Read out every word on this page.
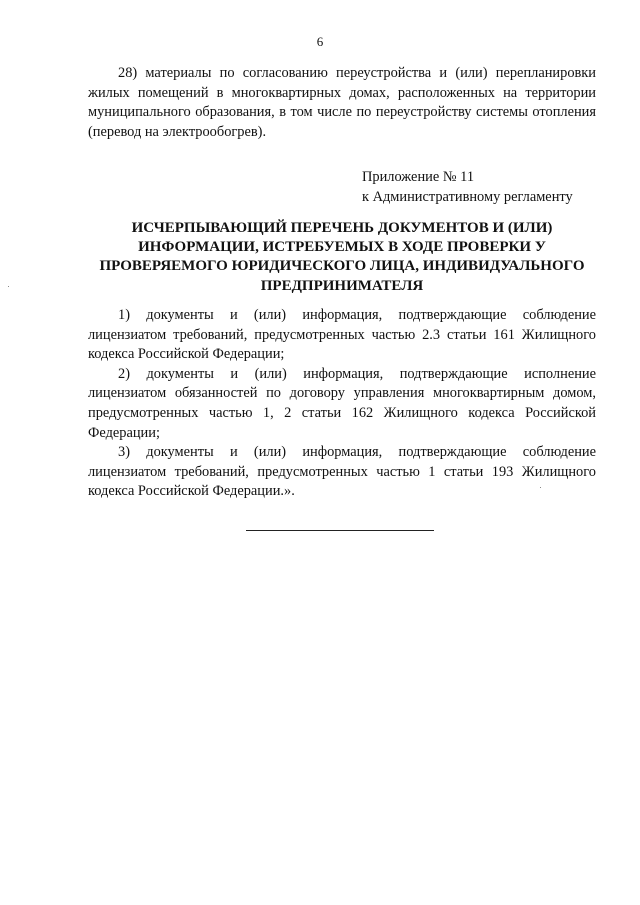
6

28) материалы по согласованию переустройства и (или) перепланировки жилых помещений в многоквартирных домах, расположенных на территории муниципального образования, в том числе по переустройству системы отопления (перевод на электрообогрев).

Приложение № 11
к Административному регламенту
ИСЧЕРПЫВАЮЩИЙ ПЕРЕЧЕНЬ ДОКУМЕНТОВ И (ИЛИ)
ИНФОРМАЦИИ, ИСТРЕБУЕМЫХ В ХОДЕ ПРОВЕРКИ У
ПРОВЕРЯЕМОГО ЮРИДИЧЕСКОГО ЛИЦА, ИНДИВИДУАЛЬНОГО
ПРЕДПРИНИМАТЕЛЯ

1) документы и (или) информация, подтверждающие соблюдение лицензиатом требований, предусмотренных частью 2.3 статьи 161 Жилищного кодекса Российской Федерации;

2) документы и (или) информация, подтверждающие исполнение лицензиатом обязанностей по договору управления многоквартирным домом, предусмотренных частью 1, 2 статьи 162 Жилищного кодекса Российской Федерации;

3) документы и (или) информация, подтверждающие соблюдение лицензиатом требований, предусмотренных частью 1 статьи 193 Жилищного кодекса Российской Федерации.».
